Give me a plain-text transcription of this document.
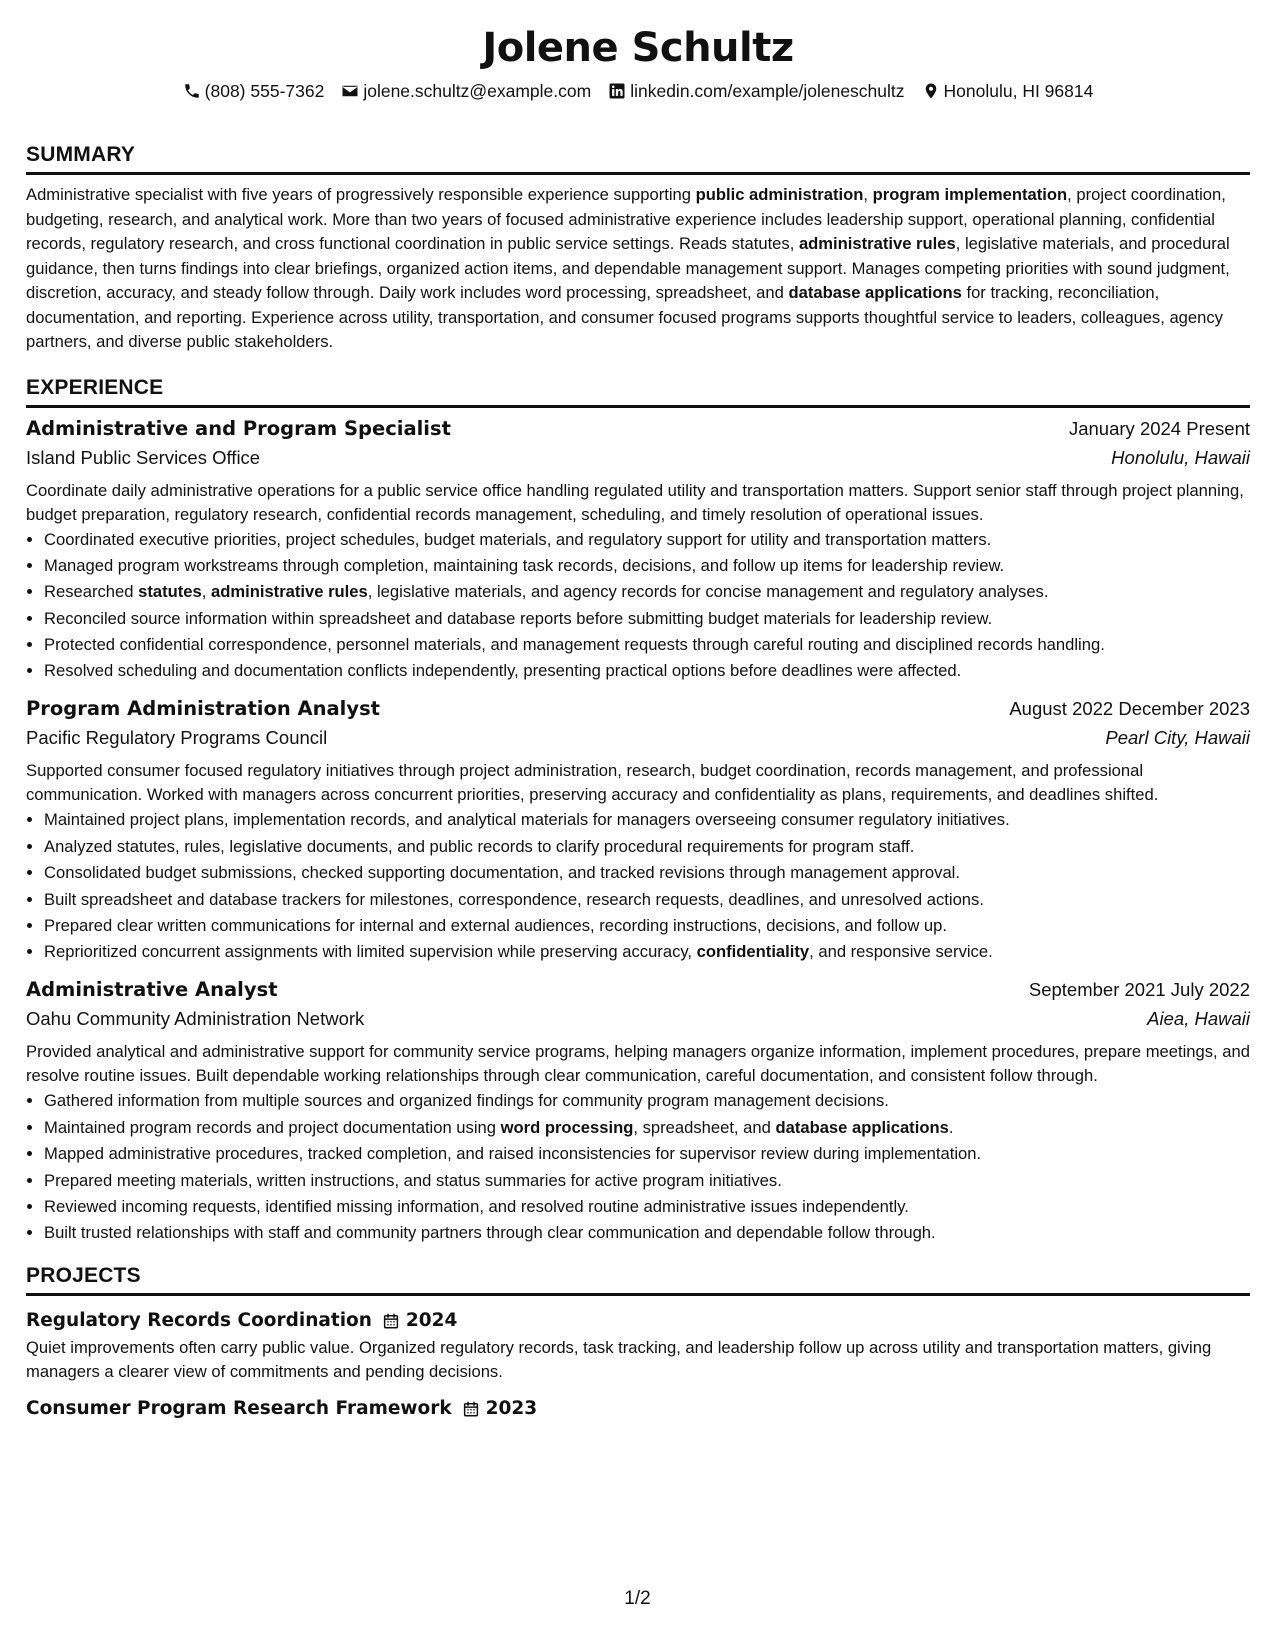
Jolene Schultz
(808) 555-7362 jolene.schultz@example.com linkedin.com/example/joleneschultz Honolulu, HI 96814
SUMMARY
Administrative specialist with five years of progressively responsible experience supporting public administration, program implementation, project coordination, budgeting, research, and analytical work. More than two years of focused administrative experience includes leadership support, operational planning, confidential records, regulatory research, and cross functional coordination in public service settings. Reads statutes, administrative rules, legislative materials, and procedural guidance, then turns findings into clear briefings, organized action items, and dependable management support. Manages competing priorities with sound judgment, discretion, accuracy, and steady follow through. Daily work includes word processing, spreadsheet, and database applications for tracking, reconciliation, documentation, and reporting. Experience across utility, transportation, and consumer focused programs supports thoughtful service to leaders, colleagues, agency partners, and diverse public stakeholders.
EXPERIENCE
Administrative and Program Specialist	January 2024 Present
Island Public Services Office	Honolulu, Hawaii
Coordinate daily administrative operations for a public service office handling regulated utility and transportation matters. Support senior staff through project planning, budget preparation, regulatory research, confidential records management, scheduling, and timely resolution of operational issues.
• Coordinated executive priorities, project schedules, budget materials, and regulatory support for utility and transportation matters.
• Managed program workstreams through completion, maintaining task records, decisions, and follow up items for leadership review.
• Researched statutes, administrative rules, legislative materials, and agency records for concise management and regulatory analyses.
• Reconciled source information within spreadsheet and database reports before submitting budget materials for leadership review.
• Protected confidential correspondence, personnel materials, and management requests through careful routing and disciplined records handling.
• Resolved scheduling and documentation conflicts independently, presenting practical options before deadlines were affected.
Program Administration Analyst	August 2022 December 2023
Pacific Regulatory Programs Council	Pearl City, Hawaii
Supported consumer focused regulatory initiatives through project administration, research, budget coordination, records management, and professional communication. Worked with managers across concurrent priorities, preserving accuracy and confidentiality as plans, requirements, and deadlines shifted.
• Maintained project plans, implementation records, and analytical materials for managers overseeing consumer regulatory initiatives.
• Analyzed statutes, rules, legislative documents, and public records to clarify procedural requirements for program staff.
• Consolidated budget submissions, checked supporting documentation, and tracked revisions through management approval.
• Built spreadsheet and database trackers for milestones, correspondence, research requests, deadlines, and unresolved actions.
• Prepared clear written communications for internal and external audiences, recording instructions, decisions, and follow up.
• Reprioritized concurrent assignments with limited supervision while preserving accuracy, confidentiality, and responsive service.
Administrative Analyst	September 2021 July 2022
Oahu Community Administration Network	Aiea, Hawaii
Provided analytical and administrative support for community service programs, helping managers organize information, implement procedures, prepare meetings, and resolve routine issues. Built dependable working relationships through clear communication, careful documentation, and consistent follow through.
• Gathered information from multiple sources and organized findings for community program management decisions.
• Maintained program records and project documentation using word processing, spreadsheet, and database applications.
• Mapped administrative procedures, tracked completion, and raised inconsistencies for supervisor review during implementation.
• Prepared meeting materials, written instructions, and status summaries for active program initiatives.
• Reviewed incoming requests, identified missing information, and resolved routine administrative issues independently.
• Built trusted relationships with staff and community partners through clear communication and dependable follow through.
PROJECTS
Regulatory Records Coordination 2024
Quiet improvements often carry public value. Organized regulatory records, task tracking, and leadership follow up across utility and transportation matters, giving managers a clearer view of commitments and pending decisions.
Consumer Program Research Framework 2023
1/2
